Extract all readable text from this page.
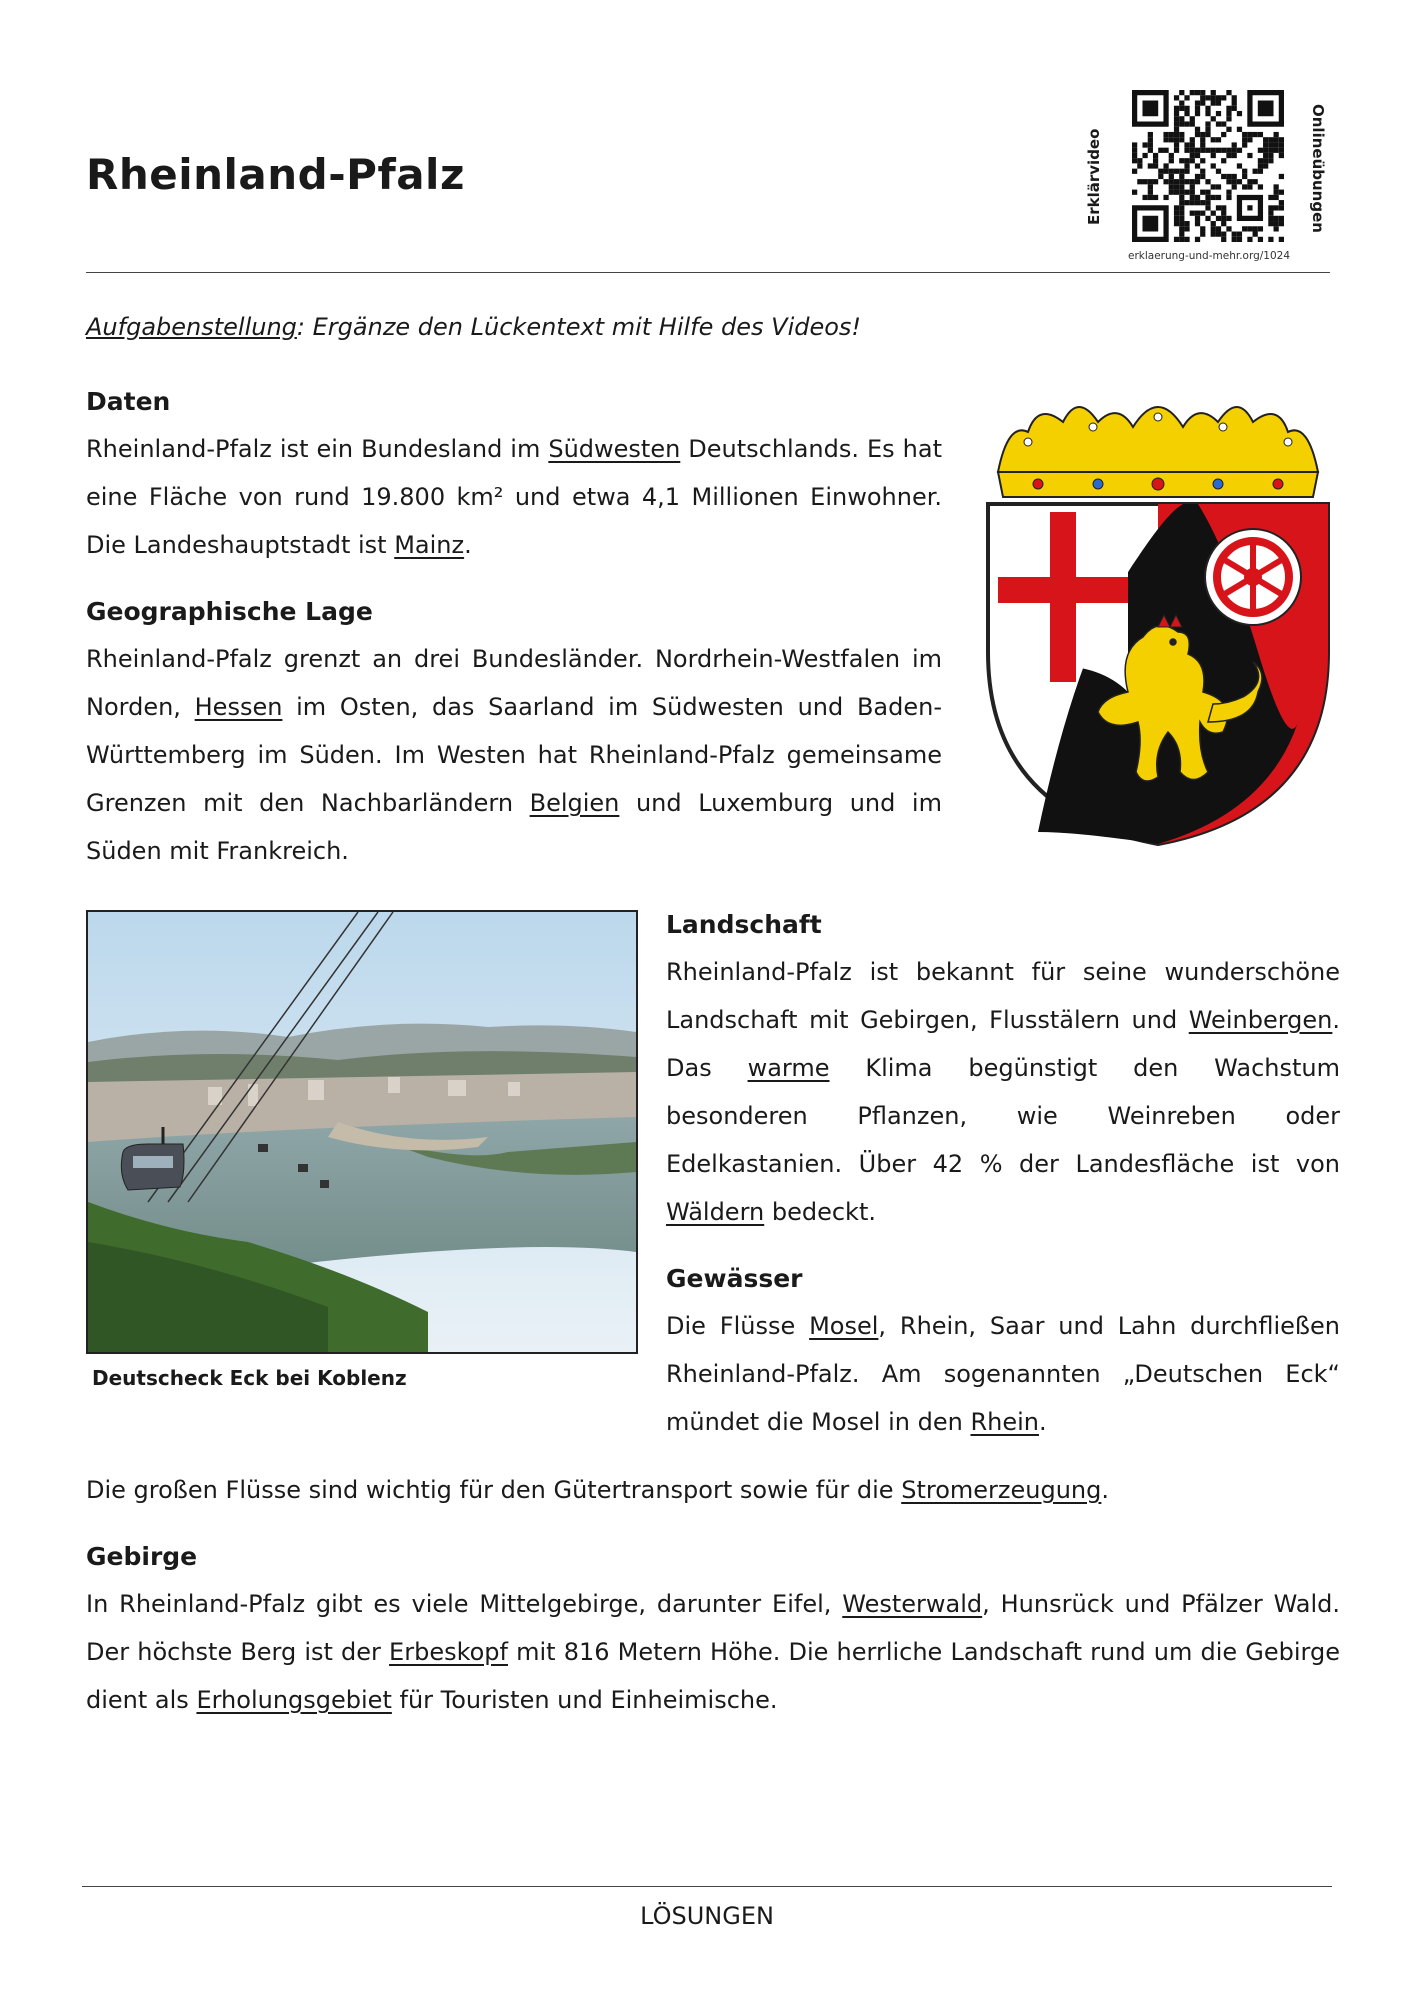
Rheinland-Pfalz	Erklärvideo	Onlineübungen
erklaerung-und-mehr.org/1024
Aufgabenstellung: Ergänze den Lückentext mit Hilfe des Videos!
Daten

Rheinland-Pfalz ist ein Bundesland im Südwesten Deutschlands. Es hat eine Fläche von rund 19.800 km² und etwa 4,1 Millionen Einwohner. Die Landeshauptstadt ist Mainz.

Geographische Lage

Rheinland-Pfalz grenzt an drei Bundesländer. Nordrhein-Westfalen im Norden, Hessen im Osten, das Saarland im Südwesten und Baden-Württemberg im Süden. Im Westen hat Rheinland-Pfalz gemeinsame Grenzen mit den Nachbarländern Belgien und Luxemburg und im Süden mit Frankreich.

Deutscheck Eck bei Koblenz
Landschaft

Rheinland-Pfalz ist bekannt für seine wunderschöne Landschaft mit Gebirgen, Flusstälern und Weinbergen. Das warme Klima begünstigt den Wachstum besonderen Pflanzen, wie Weinreben oder Edelkastanien. Über 42 % der Landesfläche ist von Wäldern bedeckt.

Gewässer

Die Flüsse Mosel, Rhein, Saar und Lahn durchfließen Rheinland-Pfalz. Am sogenannten „Deutschen Eck“ mündet die Mosel in den Rhein.

Die großen Flüsse sind wichtig für den Gütertransport sowie für die Stromerzeugung.

Gebirge

In Rheinland-Pfalz gibt es viele Mittelgebirge, darunter Eifel, Westerwald, Hunsrück und Pfälzer Wald. Der höchste Berg ist der Erbeskopf mit 816 Metern Höhe. Die herrliche Landschaft rund um die Gebirge dient als Erholungsgebiet für Touristen und Einheimische.

LÖSUNGEN
